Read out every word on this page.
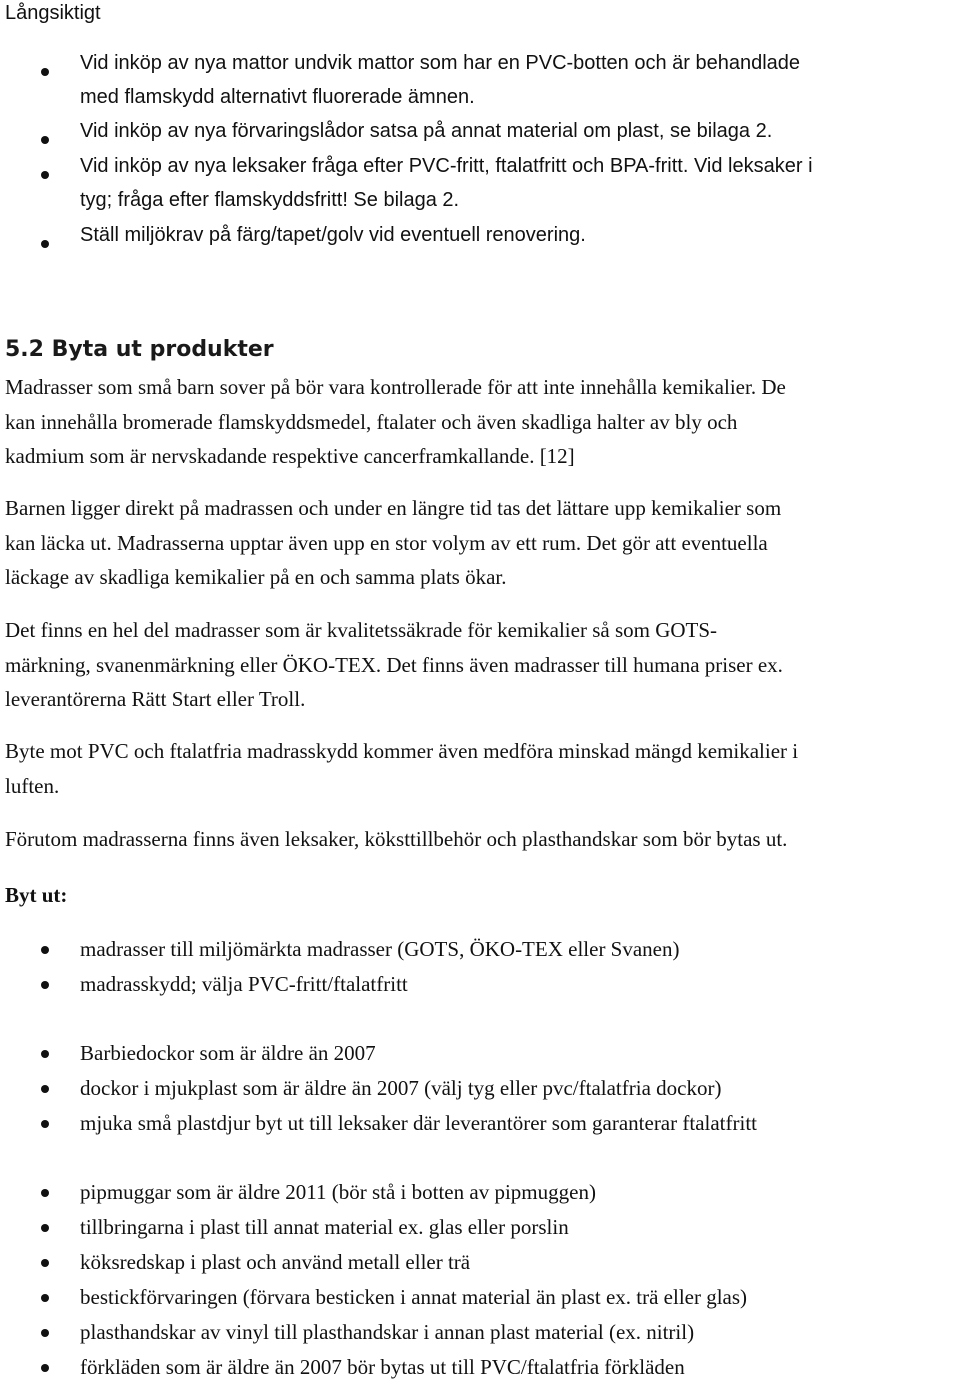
Långsiktigt
Vid inköp av nya mattor undvik mattor som har en PVC-botten och är behandlade
med flamskydd alternativt fluorerade ämnen.
Vid inköp av nya förvaringslådor satsa på annat material om plast, se bilaga 2.
Vid inköp av nya leksaker fråga efter PVC-fritt, ftalatfritt och BPA-fritt. Vid leksaker i
tyg; fråga efter flamskyddsfritt! Se bilaga 2.
Ställ miljökrav på färg/tapet/golv vid eventuell renovering.
5.2 Byta ut produkter
Madrasser som små barn sover på bör vara kontrollerade för att inte innehålla kemikalier. De
kan innehålla bromerade flamskyddsmedel, ftalater och även skadliga halter av bly och
kadmium som är nervskadande respektive cancerframkallande. [12]
Barnen ligger direkt på madrassen och under en längre tid tas det lättare upp kemikalier som
kan läcka ut. Madrasserna upptar även upp en stor volym av ett rum. Det gör att eventuella
läckage av skadliga kemikalier på en och samma plats ökar.
Det finns en hel del madrasser som är kvalitetssäkrade för kemikalier så som GOTS-
märkning, svanenmärkning eller ÖKO-TEX. Det finns även madrasser till humana priser ex.
leverantörerna Rätt Start eller Troll.
Byte mot PVC och ftalatfria madrasskydd kommer även medföra minskad mängd kemikalier i
luften.
Förutom madrasserna finns även leksaker, köksttillbehör och plasthandskar som bör bytas ut.
Byt ut:
madrasser till miljömärkta madrasser (GOTS, ÖKO-TEX eller Svanen)
madrasskydd; välja PVC-fritt/ftalatfritt
Barbiedockor som är äldre än 2007
dockor i mjukplast som är äldre än 2007 (välj tyg eller pvc/ftalatfria dockor)
mjuka små plastdjur byt ut till leksaker där leverantörer som garanterar ftalatfritt
pipmuggar som är äldre 2011 (bör stå i botten av pipmuggen)
tillbringarna i plast till annat material ex. glas eller porslin
köksredskap i plast och använd metall eller trä
bestickförvaringen (förvara besticken i annat material än plast ex. trä eller glas)
plasthandskar av vinyl till plasthandskar i annan plast material (ex. nitril)
förkläden som är äldre än 2007 bör bytas ut till PVC/ftalatfria förkläden
